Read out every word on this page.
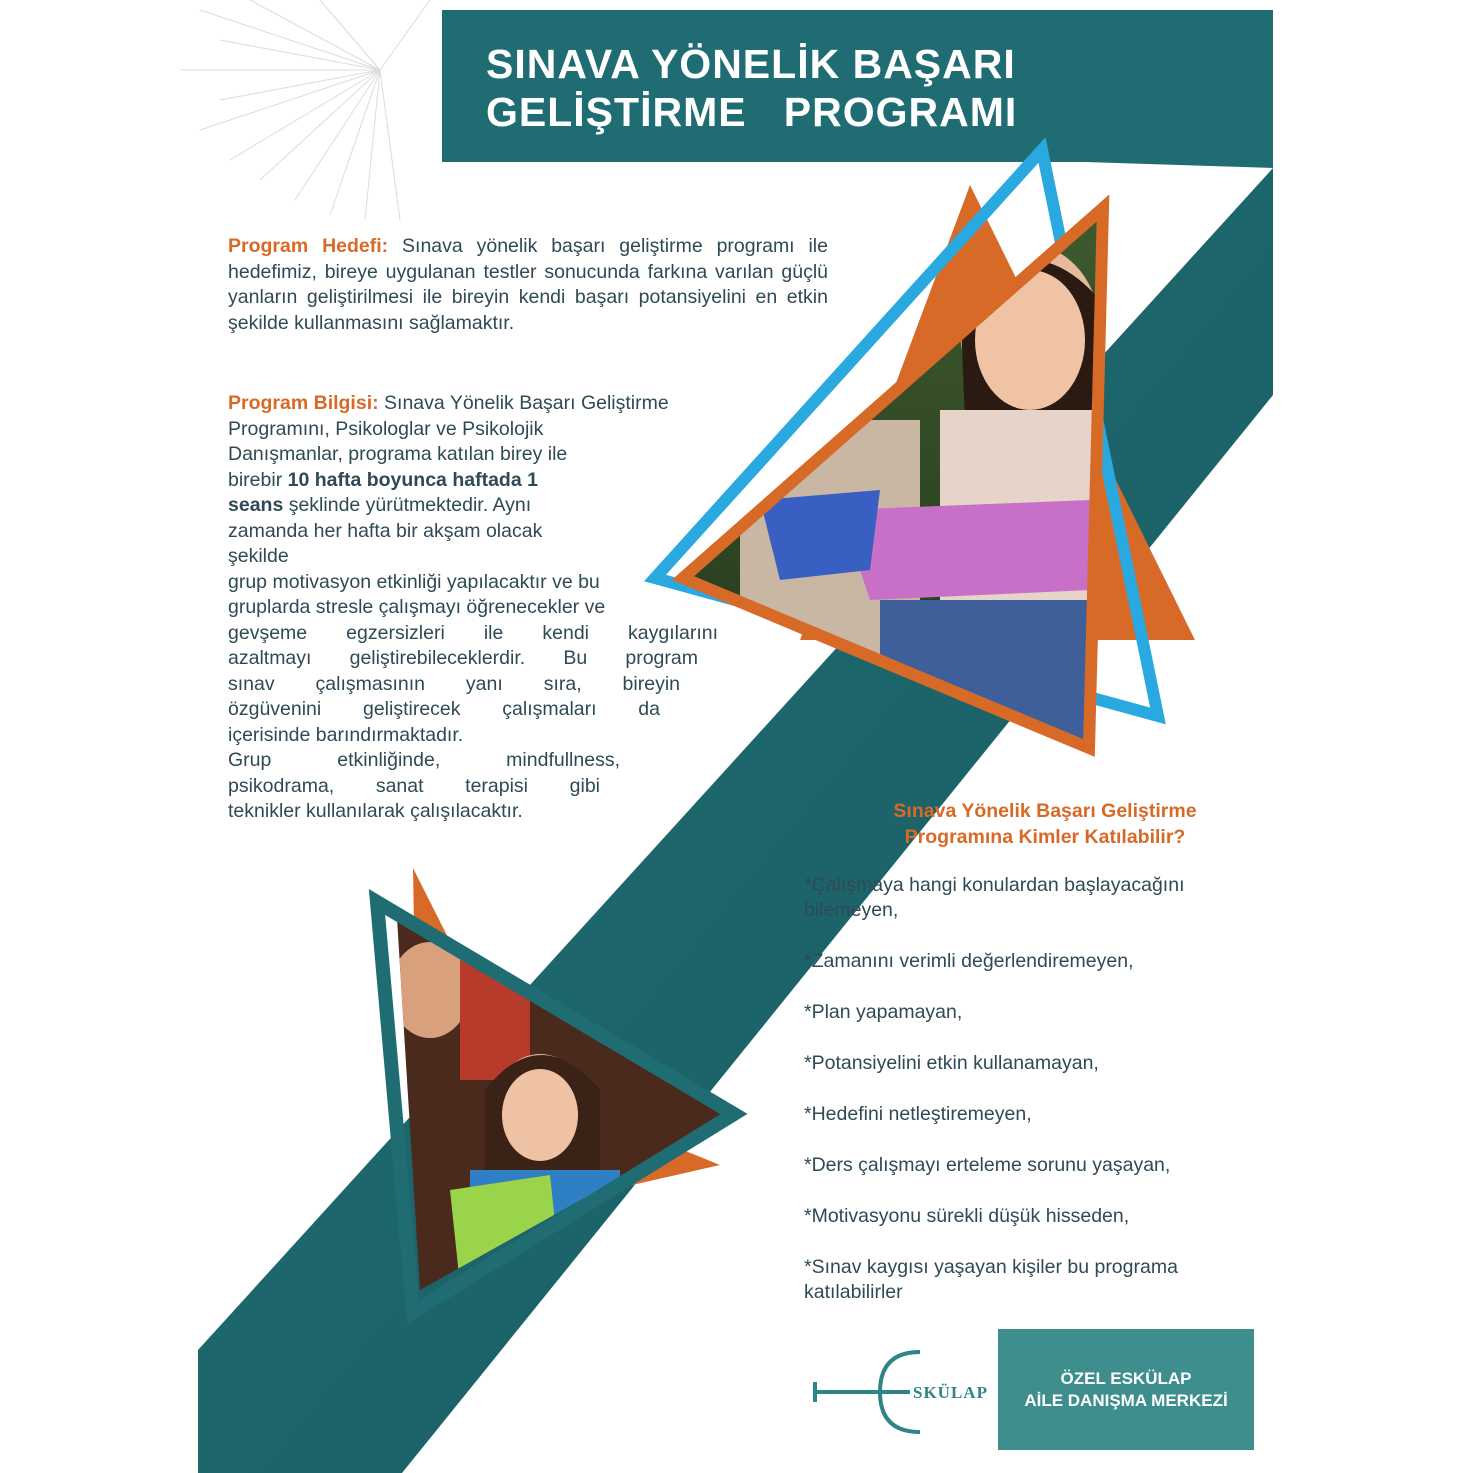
SINAVA YÖNELİK BAŞARI
GELİŞTİRME   PROGRAMI
Program Hedefi: Sınava yönelik başarı geliştirme programı ile hedefimiz, bireye uygulanan testler sonucunda farkına varılan güçlü yanların geliştirilmesi ile bireyin kendi başarı potansiyelini en etkin şekilde kullanmasını sağlamaktır.
Program Bilgisi: Sınava Yönelik Başarı Geliştirme
Programını, Psikologlar ve Psikolojik
Danışmanlar, programa katılan birey ile
birebir 10 hafta boyunca haftada 1
seans şeklinde yürütmektedir. Aynı
zamanda her hafta bir akşam olacak
şekilde
grup motivasyon etkinliği yapılacaktır ve bu
gruplarda stresle çalışmayı öğrenecekler ve
gevşeme egzersizleri ile kendi kaygılarını
azaltmayı geliştirebileceklerdir. Bu program
sınav çalışmasının yanı sıra, bireyin
özgüvenini geliştirecek çalışmaları da
içerisinde barındırmaktadır.
Grup etkinliğinde, mindfullness,
psikodrama, sanat terapisi gibi
teknikler kullanılarak çalışılacaktır.	Sınava Yönelik Başarı Geliştirme
Programına Kimler Katılabilir?
*Çalışmaya hangi konulardan başlayacağını bilemeyen,
*Zamanını verimli değerlendiremeyen,
*Plan yapamayan,
*Potansiyelini etkin kullanamayan,
*Hedefini netleştiremeyen,
*Ders çalışmayı erteleme sorunu yaşayan,
*Motivasyonu sürekli düşük hisseden,
*Sınav kaygısı yaşayan kişiler bu programa katılabilirler
SKÜLAP
ÖZEL ESKÜLAP
AİLE DANIŞMA MERKEZİ
